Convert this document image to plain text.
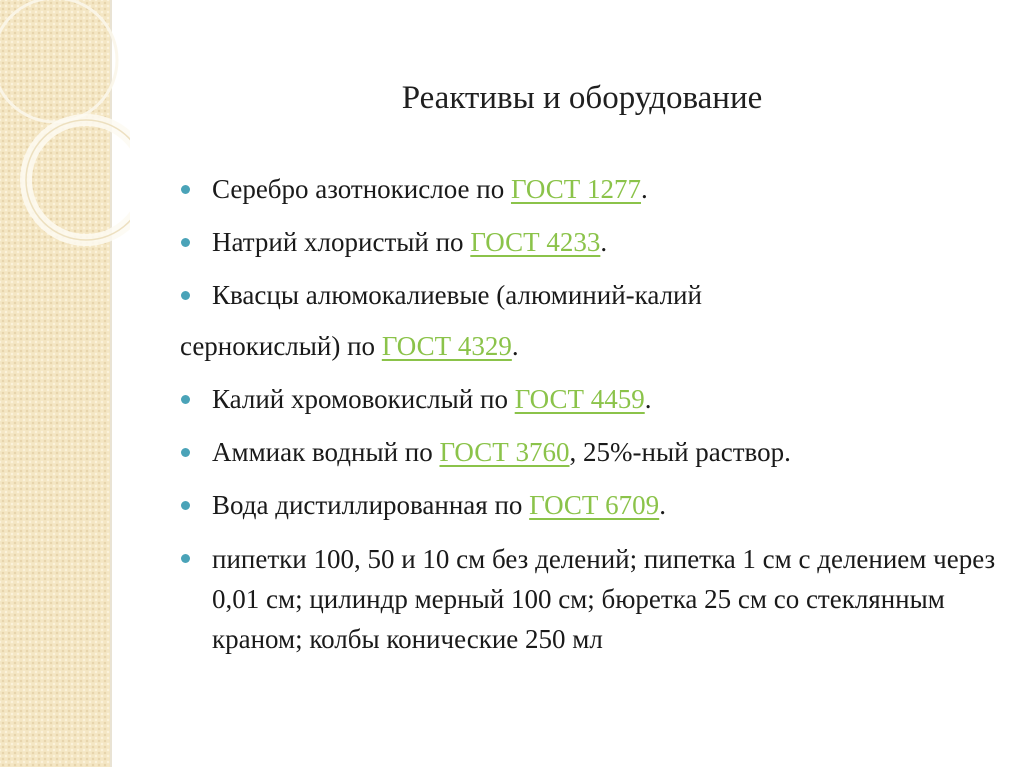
Реактивы и оборудование
Серебро азотнокислое по ГОСТ 1277.
Натрий хлористый по ГОСТ 4233.
Квасцы алюмокалиевые (алюминий-калий
сернокислый) по ГОСТ 4329.
Калий хромовокислый по ГОСТ 4459.
Аммиак водный по ГОСТ 3760, 25%-ный раствор.
Вода дистиллированная по ГОСТ 6709.
пипетки 100, 50 и 10 см без делений; пипетка 1 см с делением через 0,01 см; цилиндр мерный 100 см; бюретка 25 см со стеклянным краном; колбы конические 250 мл
